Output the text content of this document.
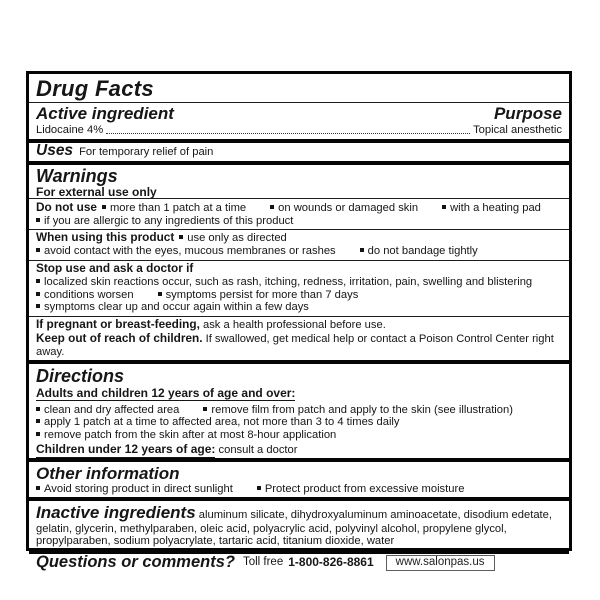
Drug Facts
Active ingredient	Purpose
Lidocaine 4%	Topical anesthetic
Uses For temporary relief of pain
Warnings
For external use only
Do not use more than 1 patch at a time	on wounds or damaged skin	with a heating pad
if you are allergic to any ingredients of this product
When using this product use only as directed
avoid contact with the eyes, mucous membranes or rashes	do not bandage tightly
Stop use and ask a doctor if
localized skin reactions occur, such as rash, itching, redness, irritation, pain, swelling and blistering
conditions worsen	symptoms persist for more than 7 days
symptoms clear up and occur again within a few days
If pregnant or breast-feeding, ask a health professional before use.
Keep out of reach of children. If swallowed, get medical help or contact a Poison Control Center right away.
Directions
Adults and children 12 years of age and over:
clean and dry affected area	remove film from patch and apply to the skin (see illustration)
apply 1 patch at a time to affected area, not more than 3 to 4 times daily
remove patch from the skin after at most 8-hour application
Children under 12 years of age: consult a doctor
Other information
Avoid storing product in direct sunlight	Protect product from excessive moisture
Inactive ingredients aluminum silicate, dihydroxyaluminum aminoacetate, disodium edetate, gelatin, glycerin, methylparaben, oleic acid, polyacrylic acid, polyvinyl alcohol, propylene glycol, propylparaben, sodium polyacrylate, tartaric acid, titanium dioxide, water
Questions or comments? Toll free 1-800-826-8861	www.salonpas.us
